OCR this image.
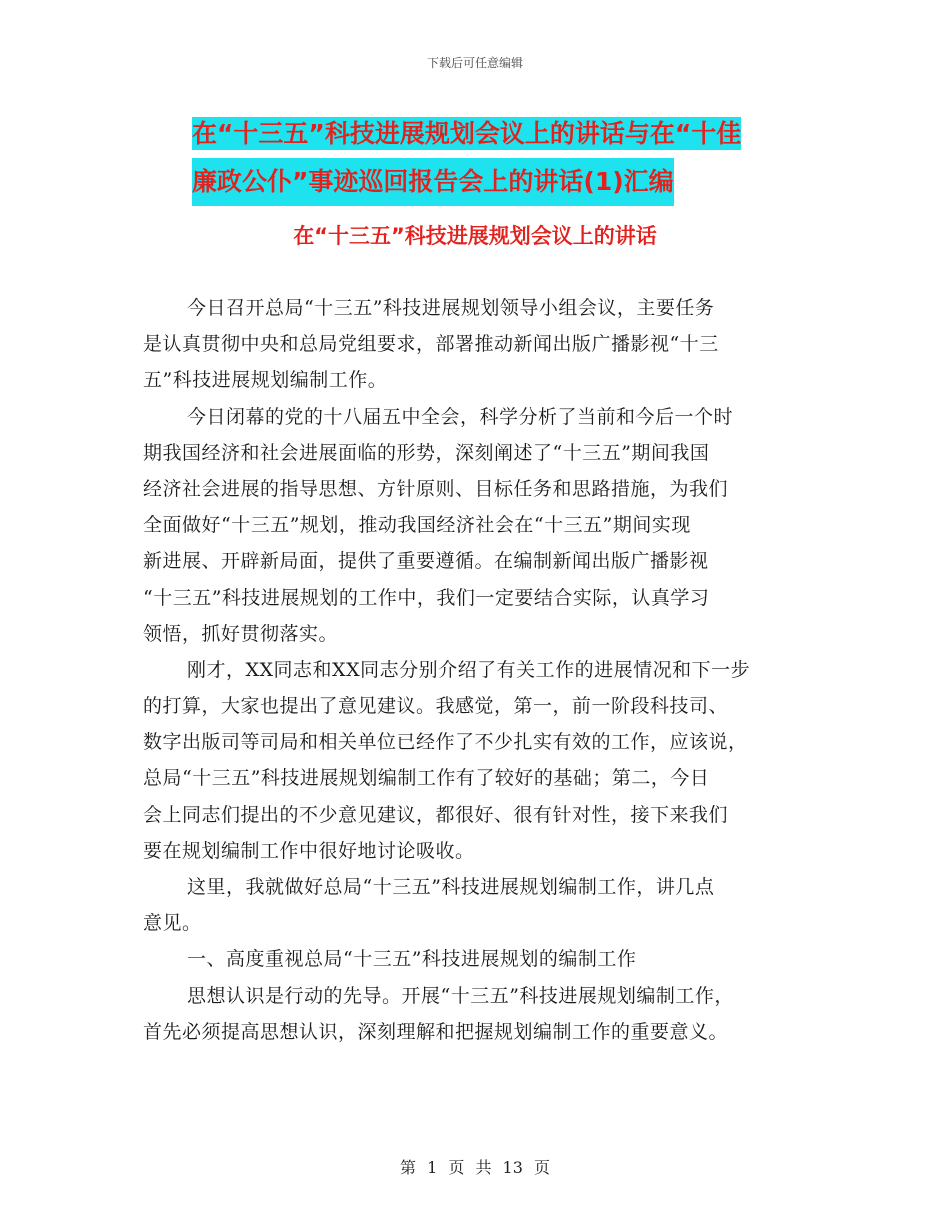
下载后可任意编辑
在“十三五”科技进展规划会议上的讲话与在“十佳
廉政公仆”事迹巡回报告会上的讲话(1)汇编
在“十三五”科技进展规划会议上的讲话
今日召开总局“十三五”科技进展规划领导小组会议，主要任务
是认真贯彻中央和总局党组要求，部署推动新闻出版广播影视“十三
五”科技进展规划编制工作。
今日闭幕的党的十八届五中全会，科学分析了当前和今后一个时
期我国经济和社会进展面临的形势，深刻阐述了“十三五”期间我国
经济社会进展的指导思想、方针原则、目标任务和思路措施，为我们
全面做好“十三五”规划，推动我国经济社会在“十三五”期间实现
新进展、开辟新局面，提供了重要遵循。在编制新闻出版广播影视
“十三五”科技进展规划的工作中，我们一定要结合实际，认真学习
领悟，抓好贯彻落实。
刚才，XX同志和XX同志分别介绍了有关工作的进展情况和下一步
的打算，大家也提出了意见建议。我感觉，第一，前一阶段科技司、
数字出版司等司局和相关单位已经作了不少扎实有效的工作，应该说，
总局“十三五”科技进展规划编制工作有了较好的基础；第二，今日
会上同志们提出的不少意见建议，都很好、很有针对性，接下来我们
要在规划编制工作中很好地讨论吸收。
这里，我就做好总局“十三五”科技进展规划编制工作，讲几点
意见。
一、高度重视总局“十三五”科技进展规划的编制工作
思想认识是行动的先导。开展“十三五”科技进展规划编制工作，
首先必须提高思想认识，深刻理解和把握规划编制工作的重要意义。
第 1 页 共 13 页
